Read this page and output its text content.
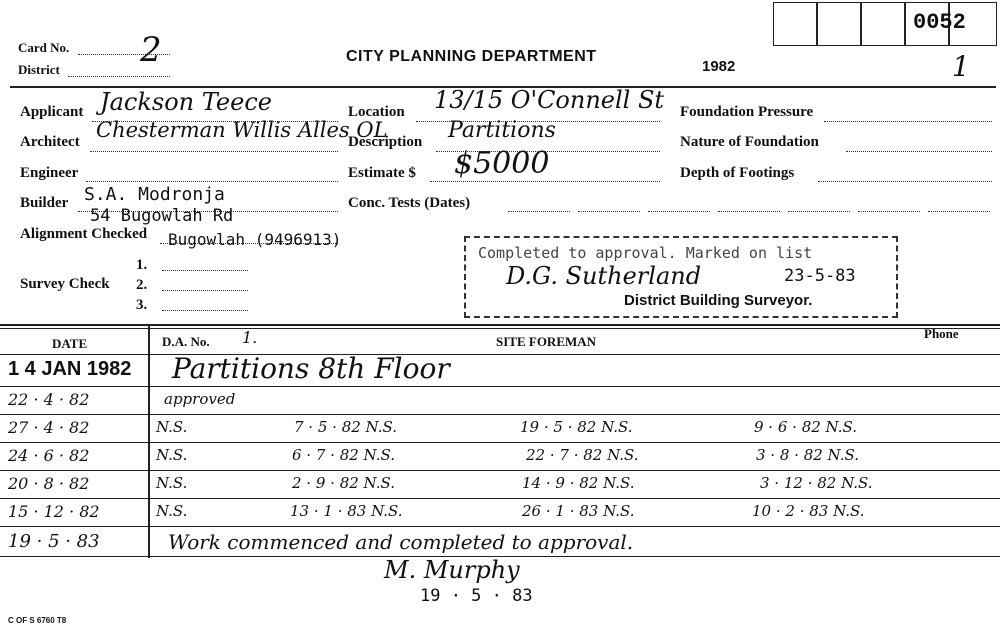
0052
Card No. 2
District
CITY PLANNING DEPARTMENT
1982	1
Applicant Jackson Teece
Architect Chesterman Willis Alles OL
Engineer
Builder S.A. Modronja
54 Bugowlah Rd
Alignment Checked Bugowlah (9496913)
Survey Check
1.
2.
3.
Location 13/15 O'Connell St
Description Partitions
Estimate $ $5000
Conc. Tests (Dates)
Foundation Pressure
Nature of Foundation
Depth of Footings
Completed to approval. Marked on list
D.G. Sutherland	23-5-83
District Building Surveyor.
DATE	D.A. No. 1.	SITE FOREMAN
Phone
1 4 JAN 1982 Partitions 8th Floor
22 · 4 · 82	approved
27 · 4 · 82	N.S.	7 · 5 · 82 N.S.	19 · 5 · 82 N.S.	9 · 6 · 82 N.S.
24 · 6 · 82	N.S.	6 · 7 · 82 N.S.	22 · 7 · 82 N.S.	3 · 8 · 82 N.S.
20 · 8 · 82	N.S.	2 · 9 · 82 N.S.	14 · 9 · 82 N.S.	3 · 12 · 82 N.S.
15 · 12 · 82	N.S.	13 · 1 · 83 N.S.	26 · 1 · 83 N.S.	10 · 2 · 83 N.S.
19 · 5 · 83	Work commenced and completed to approval.
M. Murphy
19 · 5 · 83
C OF S 6760 T8
